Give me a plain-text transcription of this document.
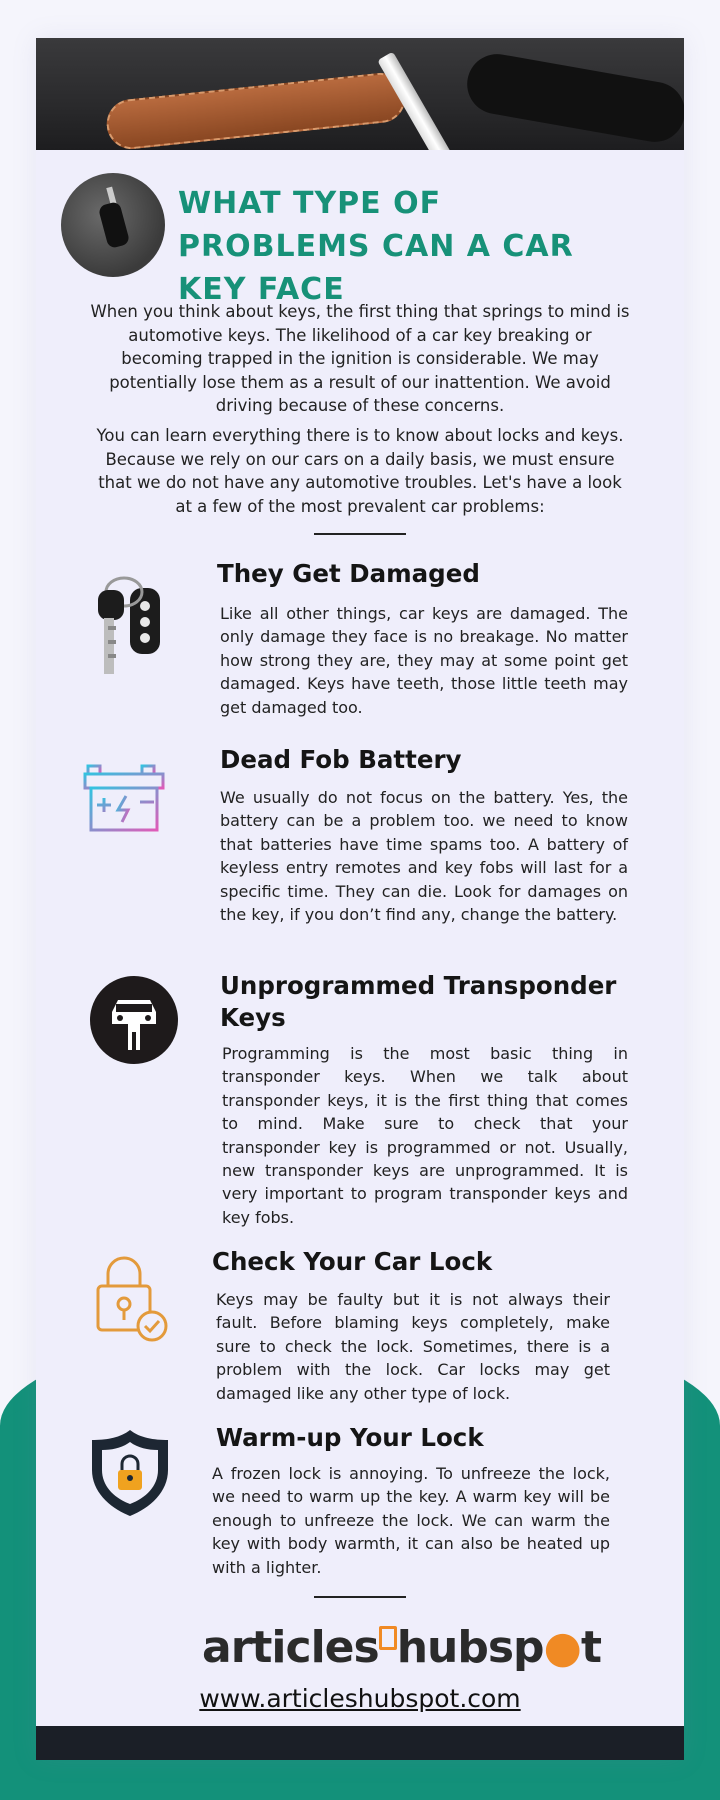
WHAT TYPE OF PROBLEMS CAN A CAR KEY FACE

When you think about keys, the first thing that springs to mind is automotive keys. The likelihood of a car key breaking or becoming trapped in the ignition is considerable. We may potentially lose them as a result of our inattention. We avoid driving because of these concerns.

You can learn everything there is to know about locks and keys. Because we rely on our cars on a daily basis, we must ensure that we do not have any automotive troubles. Let's have a look at a few of the most prevalent car problems:

They Get Damaged

Like all other things, car keys are damaged. The only damage they face is no breakage. No matter how strong they are, they may at some point get damaged. Keys have teeth, those little teeth may get damaged too.

Dead Fob Battery

We usually do not focus on the battery. Yes, the battery can be a problem too. we need to know that batteries have time spams too. A battery of keyless entry remotes and key fobs will last for a specific time. They can die. Look for damages on the key, if you don’t find any, change the battery.

Unprogrammed Transponder Keys

Programming is the most basic thing in transponder keys. When we talk about transponder keys, it is the first thing that comes to mind. Make sure to check that your transponder key is programmed or not. Usually, new transponder keys are unprogrammed. It is very important to program transponder keys and key fobs.

Check Your Car Lock

Keys may be faulty but it is not always their fault. Before blaming keys completely, make sure to check the lock. Sometimes, there is a problem with the lock. Car locks may get damaged like any other type of lock.

Warm-up Your Lock

A frozen lock is annoying. To unfreeze the lock, we need to warm up the key. A warm key will be enough to unfreeze the lock. We can warm the key with body warmth, it can also be heated up with a lighter.

articles hubsp●t
www.articleshubspot.com
